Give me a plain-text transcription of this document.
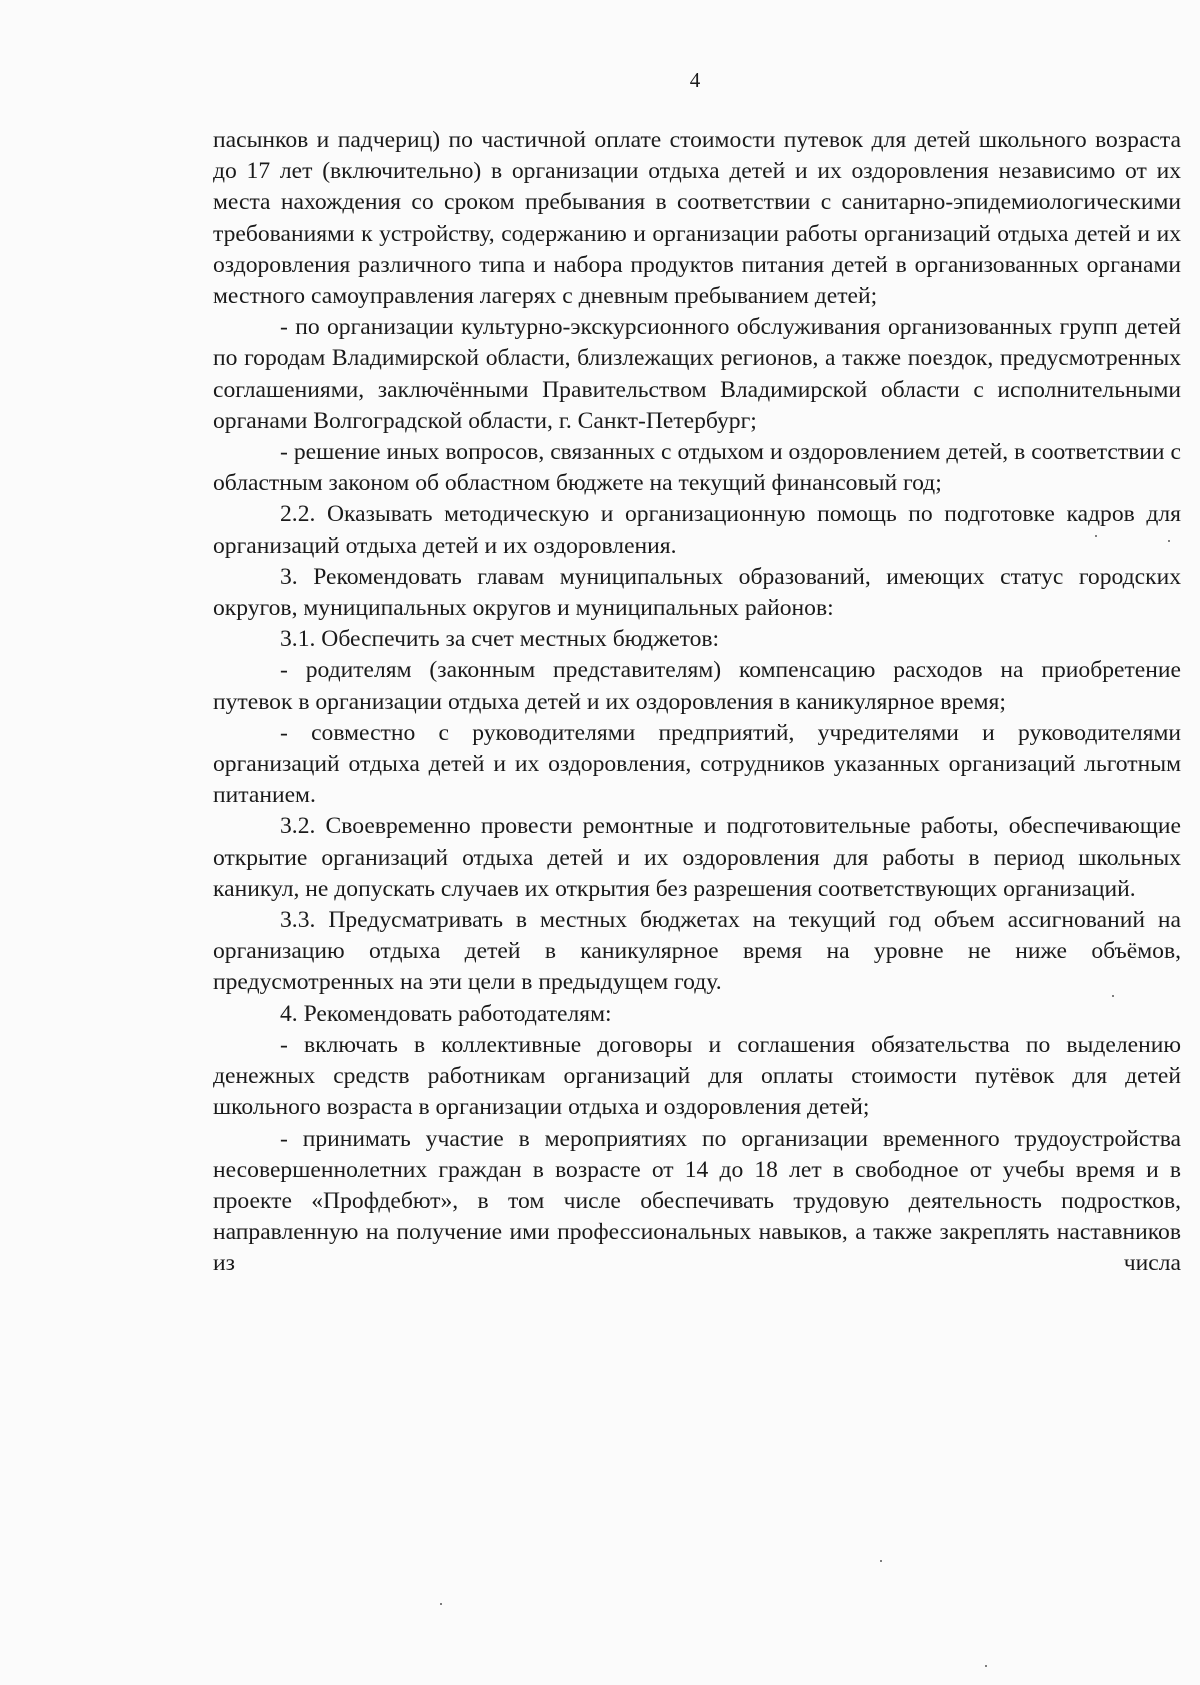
4

пасынков и падчериц) по частичной оплате стоимости путевок для детей школьного возраста до 17 лет (включительно) в организации отдыха детей и их оздоровления независимо от их места нахождения со сроком пребывания в соответствии с санитарно-эпидемиологическими требованиями к устройству, содержанию и организации работы организаций отдыха детей и их оздоровления различного типа и набора продуктов питания детей в организованных органами местного самоуправления лагерях с дневным пребыванием детей;

- по организации культурно-экскурсионного обслуживания организованных групп детей по городам Владимирской области, близлежащих регионов, а также поездок, предусмотренных соглашениями, заключёнными Правительством Владимирской области с исполнительными органами Волгоградской области, г. Санкт-Петербург;

- решение иных вопросов, связанных с отдыхом и оздоровлением детей, в соответствии с областным законом об областном бюджете на текущий финансовый год;

2.2. Оказывать методическую и организационную помощь по подготовке кадров для организаций отдыха детей и их оздоровления.

3. Рекомендовать главам муниципальных образований, имеющих статус городских округов, муниципальных округов и муниципальных районов:

3.1. Обеспечить за счет местных бюджетов:

- родителям (законным представителям) компенсацию расходов на приобретение путевок в организации отдыха детей и их оздоровления в каникулярное время;

- совместно с руководителями предприятий, учредителями и руководителями организаций отдыха детей и их оздоровления, сотрудников указанных организаций льготным питанием.

3.2. Своевременно провести ремонтные и подготовительные работы, обеспечивающие открытие организаций отдыха детей и их оздоровления для работы в период школьных каникул, не допускать случаев их открытия без разрешения соответствующих организаций.

3.3. Предусматривать в местных бюджетах на текущий год объем ассигнований на организацию отдыха детей в каникулярное время на уровне не ниже объёмов, предусмотренных на эти цели в предыдущем году.

4. Рекомендовать работодателям:

- включать в коллективные договоры и соглашения обязательства по выделению денежных средств работникам организаций для оплаты стоимости путёвок для детей школьного возраста в организации отдыха и оздоровления детей;

- принимать участие в мероприятиях по организации временного трудоустройства несовершеннолетних граждан в возрасте от 14 до 18 лет в свободное от учебы время и в проекте «Профдебют», в том числе обеспечивать трудовую деятельность подростков, направленную на получение ими профессиональных навыков, а также закреплять наставников из числа
